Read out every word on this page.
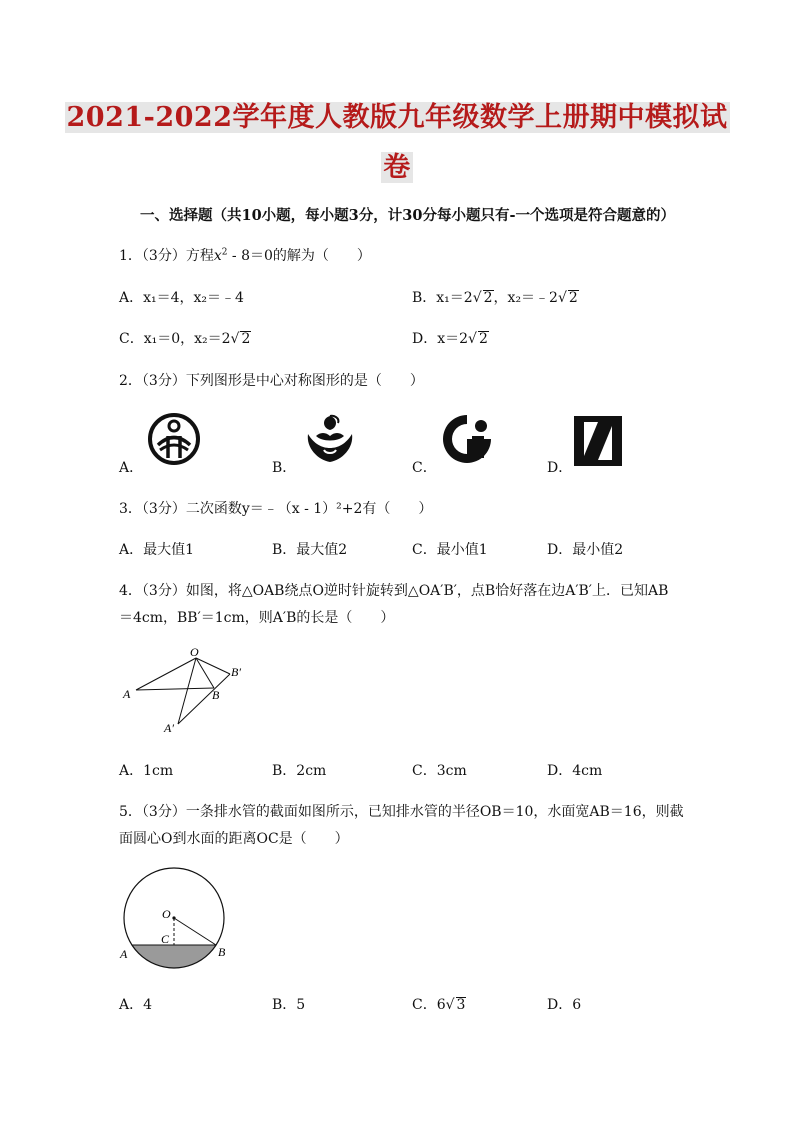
2021-2022学年度人教版九年级数学上册期中模拟试
卷
一、选择题（共10小题，每小题3分，计30分每小题只有-一个选项是符合题意的）
1．（3分）方程$x^2 - 8=0$的解为（　　）
A．x₁＝4，x₂＝﹣4	B．x₁＝2√ 2，x₂＝﹣2√ 2
C．x₁＝0，x₂＝2√ 2	D．x＝2√ 2
2．（3分）下列图形是中心对称图形的是（　　）
A．	B．	C．	D．
3．（3分）二次函数y＝﹣（x - 1）²+2有（　　）
A．最大值1	B．最大值2	C．最小值1	D．最小值2
4．（3分）如图，将△OAB绕点O逆时针旋转到△OA′B′，点B恰好落在边A′B′上．已知AB
＝4cm，BB′＝1cm，则A′B的长是（　　）
O
A	B
B′
A′
A．1cm	B．2cm	C．3cm	D．4cm
5．（3分）一条排水管的截面如图所示，已知排水管的半径OB＝10，水面宽AB＝16，则截
面圆心O到水面的距离OC是（　　）
O
C
A	B
A．4	B．5	C．6√ 3	D．6
